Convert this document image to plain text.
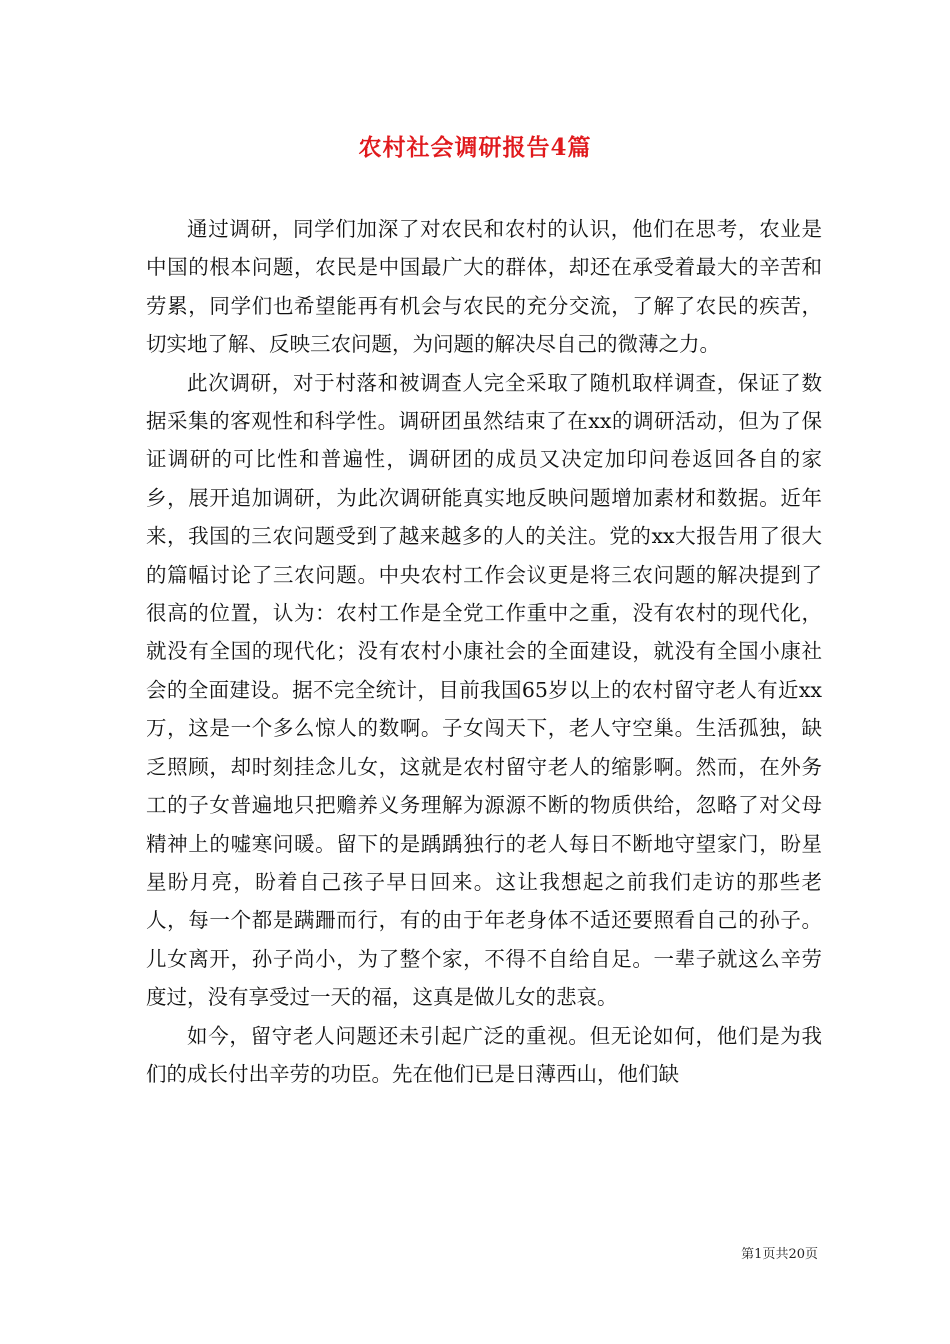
农村社会调研报告4篇

通过调研，同学们加深了对农民和农村的认识，他们在思考，农业是中国的根本问题，农民是中国最广大的群体，却还在承受着最大的辛苦和劳累，同学们也希望能再有机会与农民的充分交流，了解了农民的疾苦，切实地了解、反映三农问题，为问题的解决尽自己的微薄之力。

此次调研，对于村落和被调查人完全采取了随机取样调查，保证了数据采集的客观性和科学性。调研团虽然结束了在xx的调研活动，但为了保证调研的可比性和普遍性，调研团的成员又决定加印问卷返回各自的家乡，展开追加调研，为此次调研能真实地反映问题增加素材和数据。近年来，我国的三农问题受到了越来越多的人的关注。党的xx大报告用了很大的篇幅讨论了三农问题。中央农村工作会议更是将三农问题的解决提到了很高的位置，认为：农村工作是全党工作重中之重，没有农村的现代化，就没有全国的现代化；没有农村小康社会的全面建设，就没有全国小康社会的全面建设。据不完全统计，目前我国65岁以上的农村留守老人有近xx万，这是一个多么惊人的数啊。子女闯天下，老人守空巢。生活孤独，缺乏照顾，却时刻挂念儿女，这就是农村留守老人的缩影啊。然而，在外务工的子女普遍地只把赡养义务理解为源源不断的物质供给，忽略了对父母精神上的嘘寒问暖。留下的是踽踽独行的老人每日不断地守望家门，盼星星盼月亮，盼着自己孩子早日回来。这让我想起之前我们走访的那些老人，每一个都是蹒跚而行，有的由于年老身体不适还要照看自己的孙子。儿女离开，孙子尚小，为了整个家，不得不自给自足。一辈子就这么辛劳度过，没有享受过一天的福，这真是做儿女的悲哀。

如今，留守老人问题还未引起广泛的重视。但无论如何，他们是为我们的成长付出辛劳的功臣。先在他们已是日薄西山，他们缺

第1页共20页
